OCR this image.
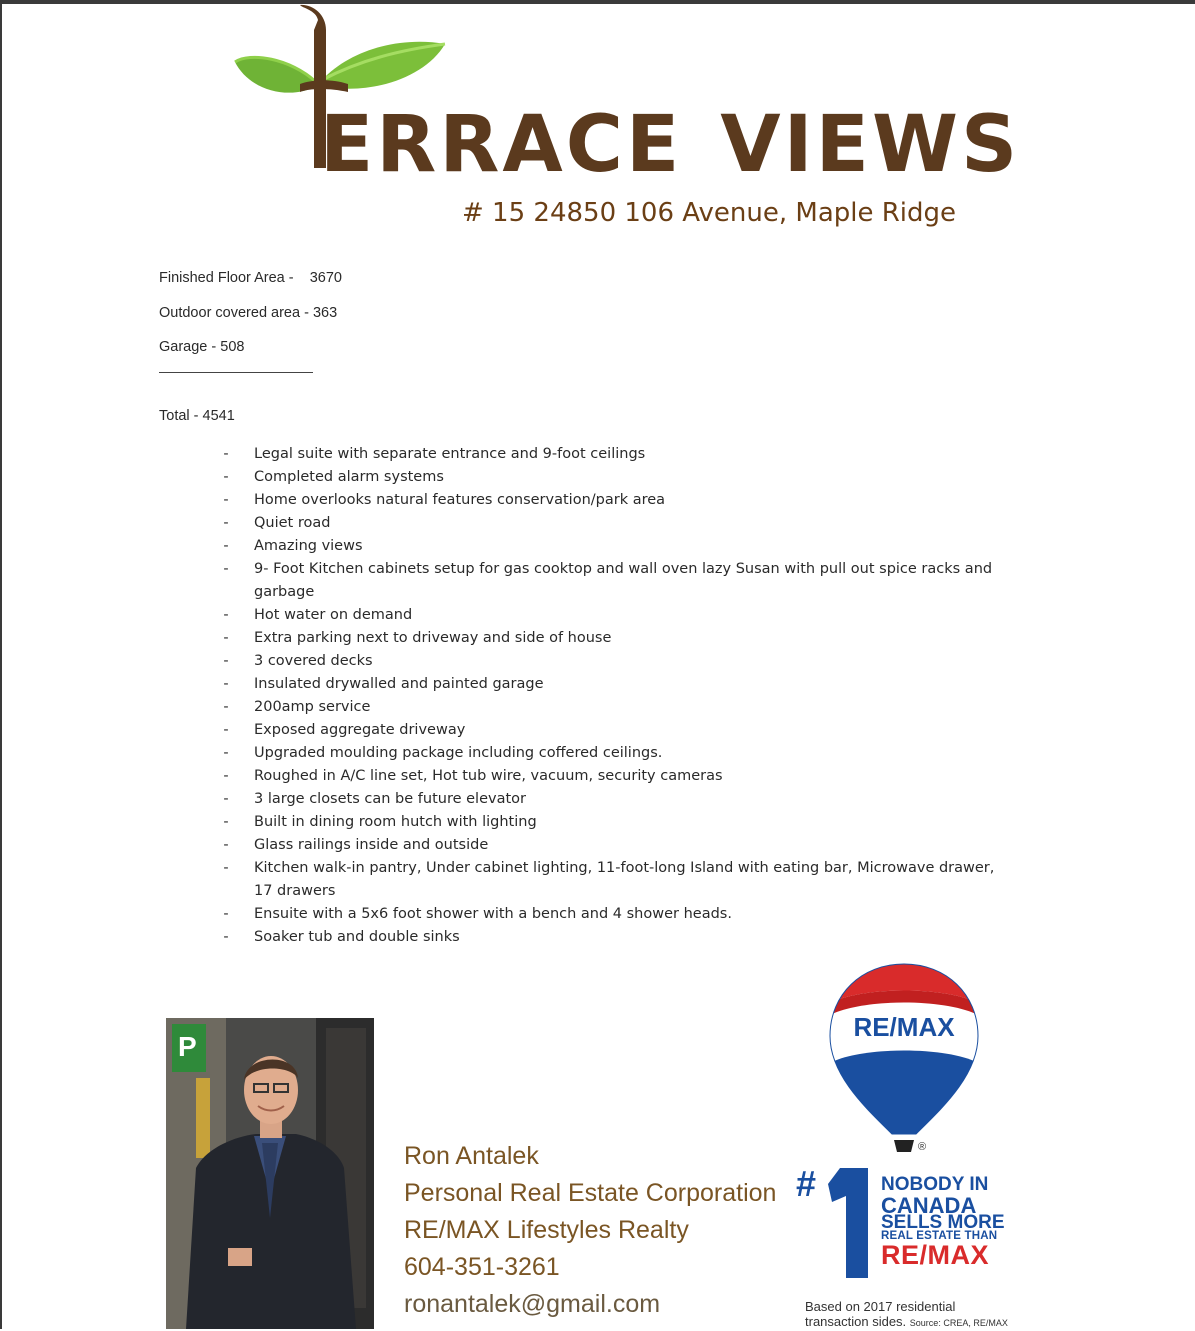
ERRACE VIEWS
# 15 24850 106 Avenue, Maple Ridge
Finished Floor Area -    3670
Outdoor covered area - 363
Garage - 508
Total - 4541
- Legal suite with separate entrance and 9-foot ceilings
- Completed alarm systems
- Home overlooks natural features conservation/park area
- Quiet road
- Amazing views
- 9- Foot Kitchen cabinets setup for gas cooktop and wall oven lazy Susan with pull out spice racks and garbage
- Hot water on demand
- Extra parking next to driveway and side of house
- 3 covered decks
- Insulated drywalled and painted garage
- 200amp service
- Exposed aggregate driveway
- Upgraded moulding package including coffered ceilings.
- Roughed in A/C line set, Hot tub wire, vacuum, security cameras
- 3 large closets can be future elevator
- Built in dining room hutch with lighting
- Glass railings inside and outside
- Kitchen walk-in pantry, Under cabinet lighting, 11-foot-long Island with eating bar, Microwave drawer, 17 drawers
- Ensuite with a 5x6 foot shower with a bench and 4 shower heads.
- Soaker tub and double sinks
P
Ron Antalek
Personal Real Estate Corporation
RE/MAX Lifestyles Realty
604-351-3261
ronantalek@gmail.com
RE/MAX
®
#	NOBODY IN
CANADA
SELLS MORE
REAL ESTATE THAN
RE/MAX
Based on 2017 residential
transaction sides. Source: CREA, RE/MAX
